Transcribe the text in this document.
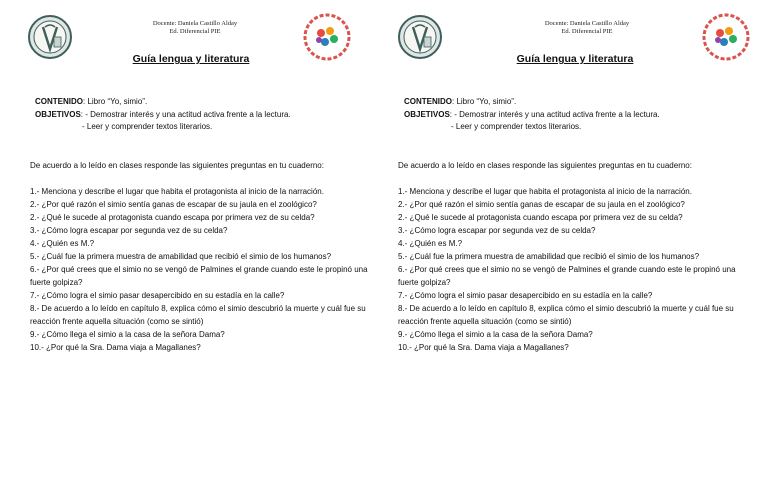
Docente: Daniela Castillo Alday
Ed. Diferencial PIE
Guía lengua y literatura
CONTENIDO: Libro “Yo, simio”.
OBJETIVOS: - Demostrar interés y una actitud activa frente a la lectura.
- Leer y comprender textos literarios.
De acuerdo a lo leído en clases responde las siguientes preguntas en tu cuaderno:

1.- Menciona y describe el lugar que habita el protagonista al inicio de la narración.

2.- ¿Por qué razón el simio sentía ganas de escapar de su jaula en el zoológico?

2.- ¿Qué le sucede al protagonista cuando escapa por primera vez de su celda?

3.- ¿Cómo logra escapar por segunda vez de su celda?

4.- ¿Quién es M.?

5.- ¿Cuál fue la primera muestra de amabilidad que recibió el simio de los humanos?

6.- ¿Por qué crees que el simio no se vengó de Palmines el grande cuando este le propinó una fuerte golpiza?

7.- ¿Cómo logra el simio pasar desapercibido en su estadía en la calle?

8.- De acuerdo a lo leído en capítulo 8, explica cómo el simio descubrió la muerte y cuál fue su reacción frente aquella situación (como se sintió)

9.- ¿Cómo llega el simio a la casa de la señora Dama?

10.- ¿Por qué la Sra. Dama viaja a Magallanes?

Docente: Daniela Castillo Alday
Ed. Diferencial PIE
Guía lengua y literatura
CONTENIDO: Libro “Yo, simio”.
OBJETIVOS: - Demostrar interés y una actitud activa frente a la lectura.
- Leer y comprender textos literarios.
De acuerdo a lo leído en clases responde las siguientes preguntas en tu cuaderno:

1.- Menciona y describe el lugar que habita el protagonista al inicio de la narración.

2.- ¿Por qué razón el simio sentía ganas de escapar de su jaula en el zoológico?

2.- ¿Qué le sucede al protagonista cuando escapa por primera vez de su celda?

3.- ¿Cómo logra escapar por segunda vez de su celda?

4.- ¿Quién es M.?

5.- ¿Cuál fue la primera muestra de amabilidad que recibió el simio de los humanos?

6.- ¿Por qué crees que el simio no se vengó de Palmines el grande cuando este le propinó una fuerte golpiza?

7.- ¿Cómo logra el simio pasar desapercibido en su estadía en la calle?

8.- De acuerdo a lo leído en capítulo 8, explica cómo el simio descubrió la muerte y cuál fue su reacción frente aquella situación (como se sintió)

9.- ¿Cómo llega el simio a la casa de la señora Dama?

10.- ¿Por qué la Sra. Dama viaja a Magallanes?
